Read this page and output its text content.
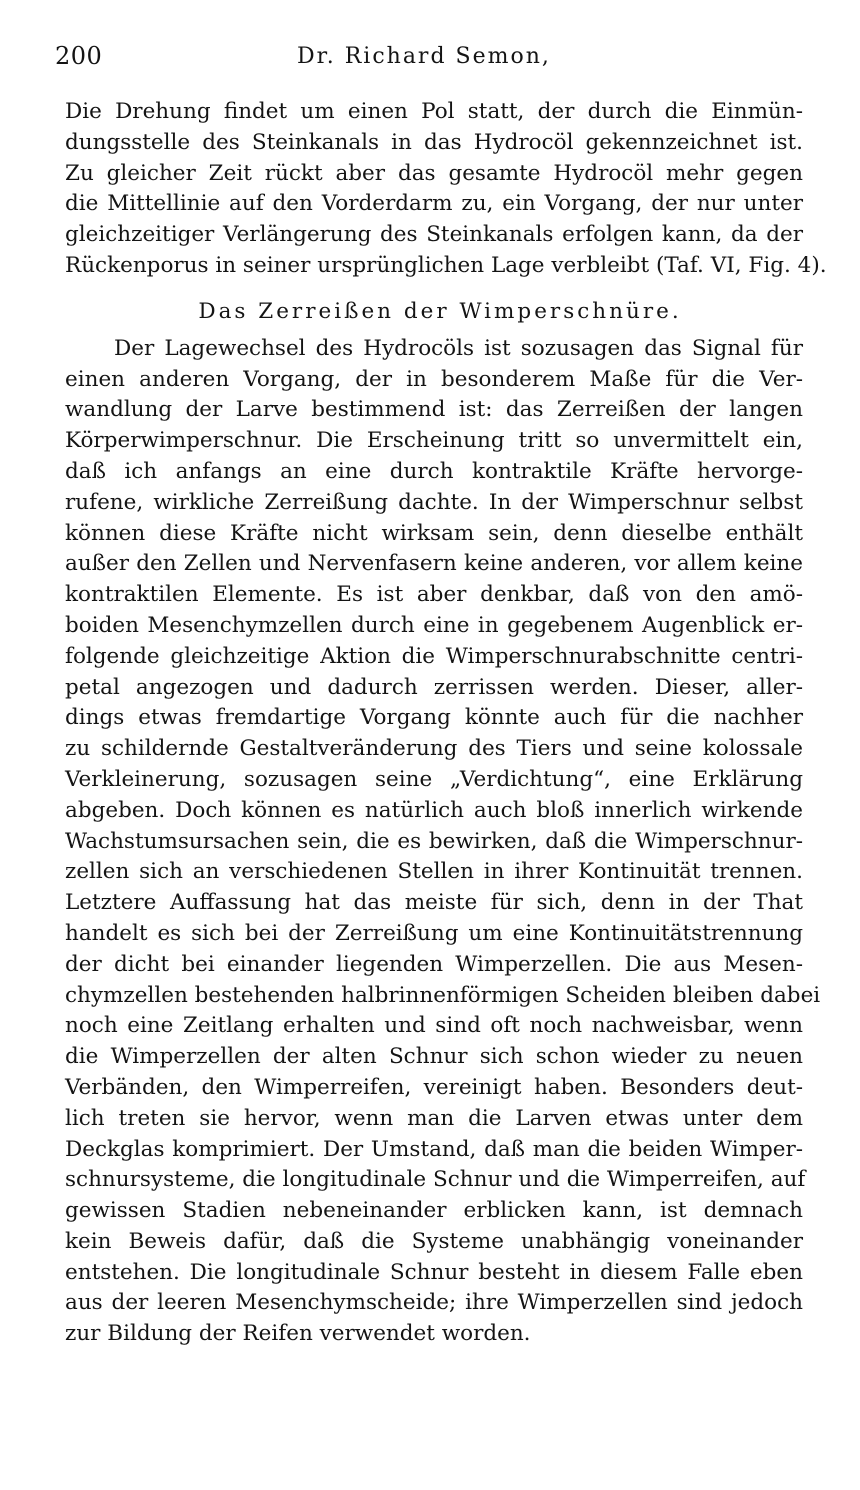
200	Dr. Richard Semon,
Die Drehung findet um einen Pol statt, der durch die Einmün-
dungsstelle des Steinkanals in das Hydrocöl gekennzeichnet ist.
Zu gleicher Zeit rückt aber das gesamte Hydrocöl mehr gegen
die Mittellinie auf den Vorderdarm zu, ein Vorgang, der nur unter
gleichzeitiger Verlängerung des Steinkanals erfolgen kann, da der
Rückenporus in seiner ursprünglichen Lage verbleibt (Taf. VI, Fig. 4).
Das Zerreißen der Wimperschnüre.
Der Lagewechsel des Hydrocöls ist sozusagen das Signal für
einen anderen Vorgang, der in besonderem Maße für die Ver-
wandlung der Larve bestimmend ist: das Zerreißen der langen
Körperwimperschnur. Die Erscheinung tritt so unvermittelt ein,
daß ich anfangs an eine durch kontraktile Kräfte hervorge-
rufene, wirkliche Zerreißung dachte. In der Wimperschnur selbst
können diese Kräfte nicht wirksam sein, denn dieselbe enthält
außer den Zellen und Nervenfasern keine anderen, vor allem keine
kontraktilen Elemente. Es ist aber denkbar, daß von den amö-
boiden Mesenchymzellen durch eine in gegebenem Augenblick er-
folgende gleichzeitige Aktion die Wimperschnurabschnitte centri-
petal angezogen und dadurch zerrissen werden. Dieser, aller-
dings etwas fremdartige Vorgang könnte auch für die nachher
zu schildernde Gestaltveränderung des Tiers und seine kolossale
Verkleinerung, sozusagen seine „Verdichtung“, eine Erklärung
abgeben. Doch können es natürlich auch bloß innerlich wirkende
Wachstumsursachen sein, die es bewirken, daß die Wimperschnur-
zellen sich an verschiedenen Stellen in ihrer Kontinuität trennen.
Letztere Auffassung hat das meiste für sich, denn in der That
handelt es sich bei der Zerreißung um eine Kontinuitätstrennung
der dicht bei einander liegenden Wimperzellen. Die aus Mesen-
chymzellen bestehenden halbrinnenförmigen Scheiden bleiben dabei
noch eine Zeitlang erhalten und sind oft noch nachweisbar, wenn
die Wimperzellen der alten Schnur sich schon wieder zu neuen
Verbänden, den Wimperreifen, vereinigt haben. Besonders deut-
lich treten sie hervor, wenn man die Larven etwas unter dem
Deckglas komprimiert. Der Umstand, daß man die beiden Wimper-
schnursysteme, die longitudinale Schnur und die Wimperreifen, auf
gewissen Stadien nebeneinander erblicken kann, ist demnach
kein Beweis dafür, daß die Systeme unabhängig voneinander
entstehen. Die longitudinale Schnur besteht in diesem Falle eben
aus der leeren Mesenchymscheide; ihre Wimperzellen sind jedoch
zur Bildung der Reifen verwendet worden.
